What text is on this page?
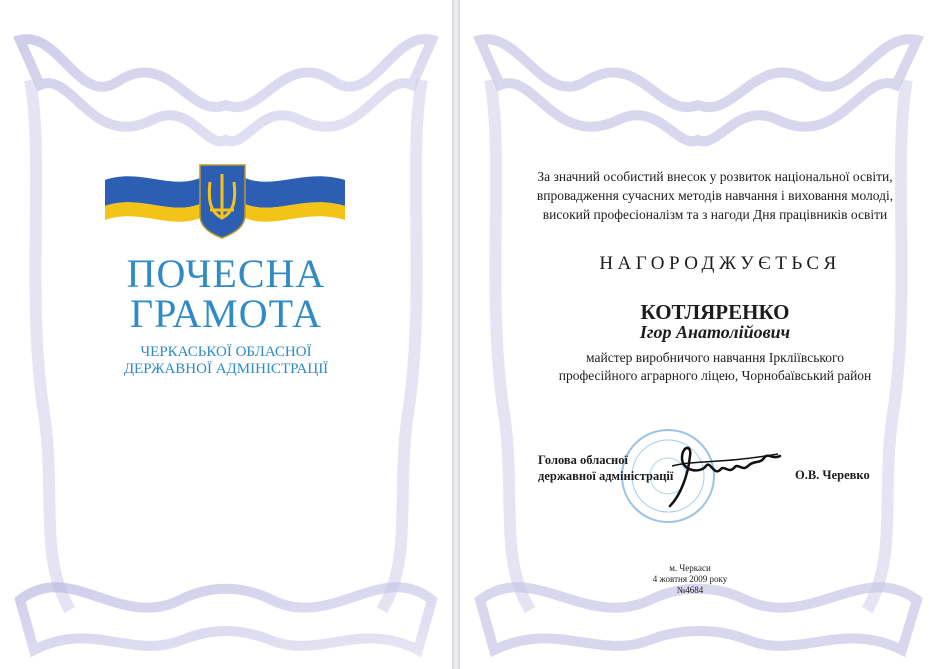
ПОЧЕСНА
ГРАМОТА
ЧЕРКАСЬКОЇ ОБЛАСНОЇ
ДЕРЖАВНОЇ АДМІНІСТРАЦІЇ
За значний особистий внесок у розвиток національної освіти,
впровадження сучасних методів навчання і виховання молоді,
високий професіоналізм та з нагоди Дня працівників освіти
НАГОРОДЖУЄТЬСЯ
КОТЛЯРЕНКО
Ігор Анатолійович
майстер виробничого навчання Ірклiївського
професійного аграрного ліцею, Чорнобаївський район
Голова обласної
державної адміністрації	О.В. Черевко
м. Черкаси
4 жовтня 2009 року
№4684
